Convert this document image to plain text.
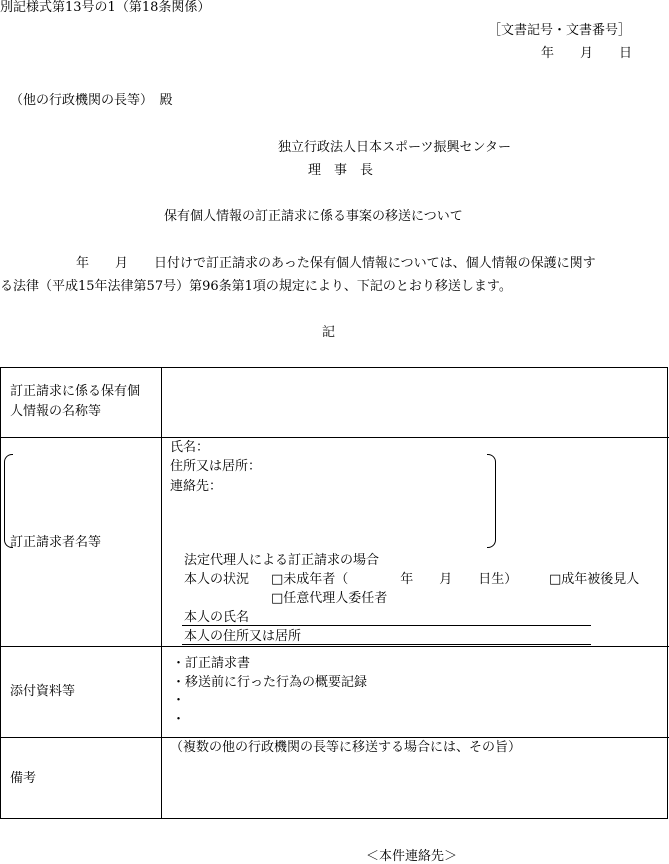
別記様式第13号の1（第18条関係）
［文書記号・文書番号］
年　　月　　日
（他の行政機関の長等）　殿
独立行政法人日本スポーツ振興センター
理　事　長
保有個人情報の訂正請求に係る事案の移送について
年　　月　　日付けで訂正請求のあった保有個人情報については、個人情報の保護に関す
る法律（平成15年法律第57号）第96条第1項の規定により、下記のとおり移送します。
記
訂正請求に係る保有個
人情報の名称等
訂正請求者名等
氏名：
住所又は居所：
連絡先：
法定代理人による訂正請求の場合
本人の状況 □未成年者（　　　　年　　月　　日生） □成年被後見人
□任意代理人委任者
本人の氏名
本人の住所又は居所
添付資料等
・訂正請求書
・移送前に行った行為の概要記録
・
・
備考
（複数の他の行政機関の長等に移送する場合には、その旨）
＜本件連絡先＞
